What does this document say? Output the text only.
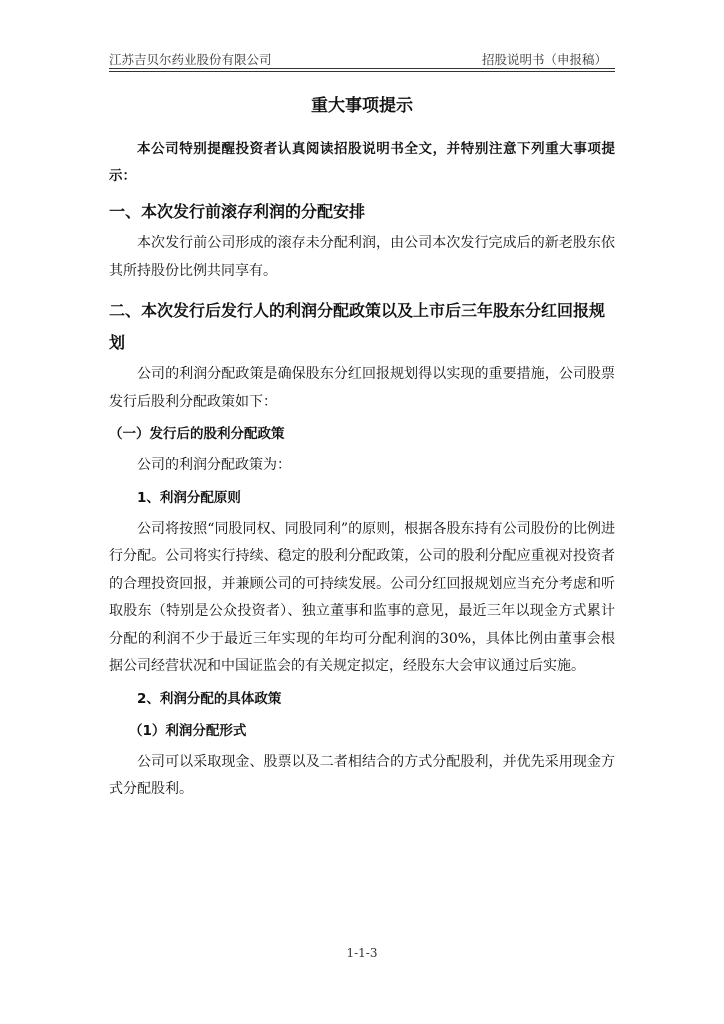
江苏吉贝尔药业股份有限公司	招股说明书（申报稿）
重大事项提示

本公司特别提醒投资者认真阅读招股说明书全文，并特别注意下列重大事项提示：

一、本次发行前滚存利润的分配安排

本次发行前公司形成的滚存未分配利润，由公司本次发行完成后的新老股东依其所持股份比例共同享有。

二、本次发行后发行人的利润分配政策以及上市后三年股东分红回报规划

公司的利润分配政策是确保股东分红回报规划得以实现的重要措施，公司股票发行后股利分配政策如下：

（一）发行后的股利分配政策

公司的利润分配政策为：

1、利润分配原则

公司将按照“同股同权、同股同利”的原则，根据各股东持有公司股份的比例进行分配。公司将实行持续、稳定的股利分配政策，公司的股利分配应重视对投资者的合理投资回报，并兼顾公司的可持续发展。公司分红回报规划应当充分考虑和听取股东（特别是公众投资者）、独立董事和监事的意见，最近三年以现金方式累计分配的利润不少于最近三年实现的年均可分配利润的30%，具体比例由董事会根据公司经营状况和中国证监会的有关规定拟定，经股东大会审议通过后实施。

2、利润分配的具体政策
（1）利润分配形式

公司可以采取现金、股票以及二者相结合的方式分配股利，并优先采用现金方式分配股利。

1-1-3
